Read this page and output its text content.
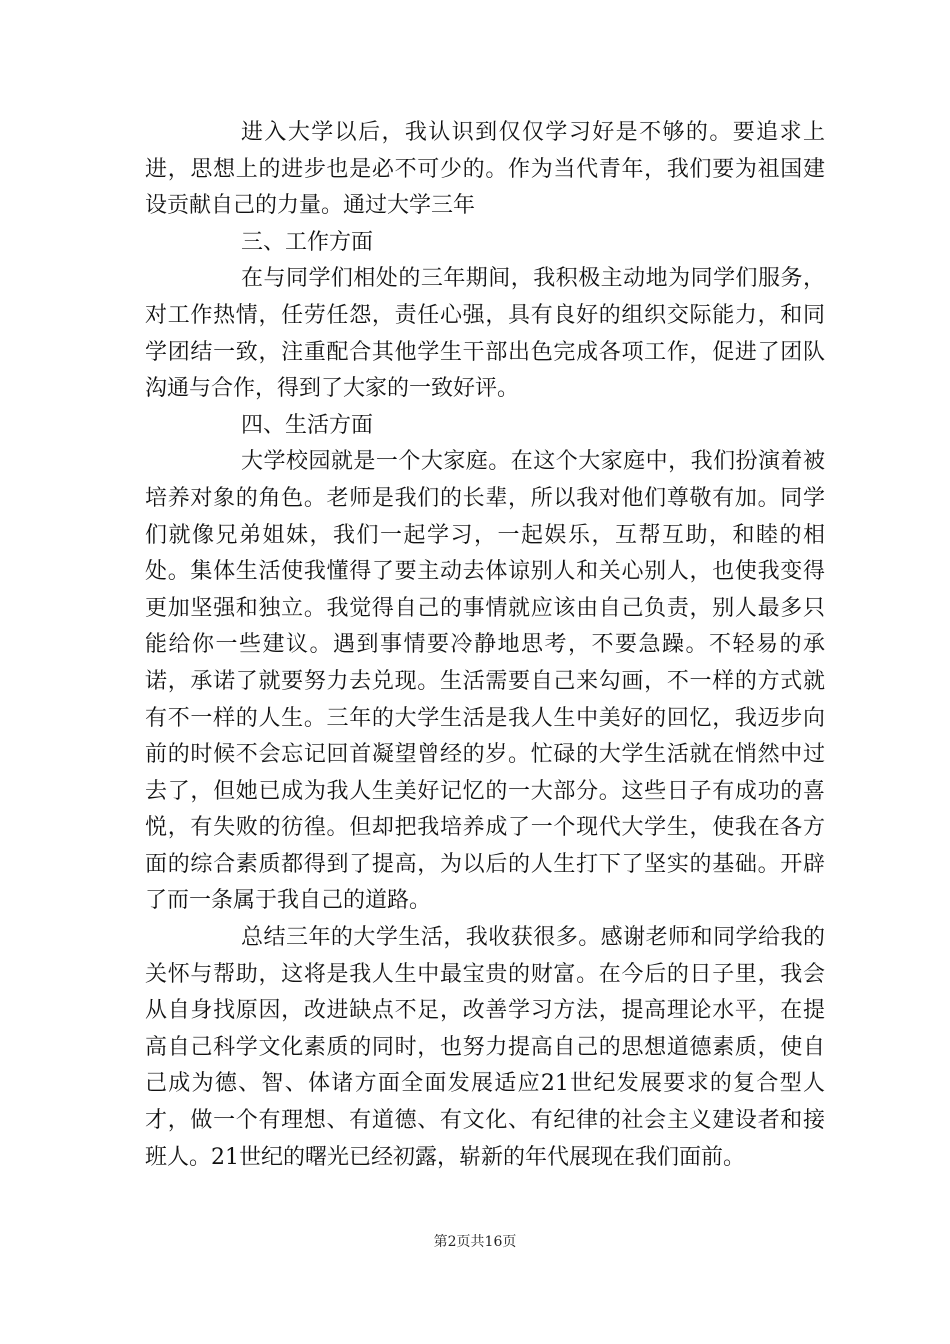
进入大学以后，我认识到仅仅学习好是不够的。要追求上进，思想上的进步也是必不可少的。作为当代青年，我们要为祖国建设贡献自己的力量。通过大学三年

三、工作方面

在与同学们相处的三年期间，我积极主动地为同学们服务，对工作热情，任劳任怨，责任心强，具有良好的组织交际能力，和同学团结一致，注重配合其他学生干部出色完成各项工作，促进了团队沟通与合作，得到了大家的一致好评。

四、生活方面

大学校园就是一个大家庭。在这个大家庭中，我们扮演着被培养对象的角色。老师是我们的长辈，所以我对他们尊敬有加。同学们就像兄弟姐妹，我们一起学习，一起娱乐，互帮互助，和睦的相处。集体生活使我懂得了要主动去体谅别人和关心别人，也使我变得更加坚强和独立。我觉得自己的事情就应该由自己负责，别人最多只能给你一些建议。遇到事情要冷静地思考，不要急躁。不轻易的承诺，承诺了就要努力去兑现。生活需要自己来勾画，不一样的方式就有不一样的人生。三年的大学生活是我人生中美好的回忆，我迈步向前的时候不会忘记回首凝望曾经的岁。忙碌的大学生活就在悄然中过去了，但她已成为我人生美好记忆的一大部分。这些日子有成功的喜悦，有失败的彷徨。但却把我培养成了一个现代大学生，使我在各方面的综合素质都得到了提高，为以后的人生打下了坚实的基础。开辟了而一条属于我自己的道路。

总结三年的大学生活，我收获很多。感谢老师和同学给我的关怀与帮助，这将是我人生中最宝贵的财富。在今后的日子里，我会从自身找原因，改进缺点不足，改善学习方法，提高理论水平，在提高自己科学文化素质的同时，也努力提高自己的思想道德素质，使自己成为德、智、体诸方面全面发展适应21世纪发展要求的复合型人才，做一个有理想、有道德、有文化、有纪律的社会主义建设者和接班人。21世纪的曙光已经初露，崭新的年代展现在我们面前。

第2页共16页
